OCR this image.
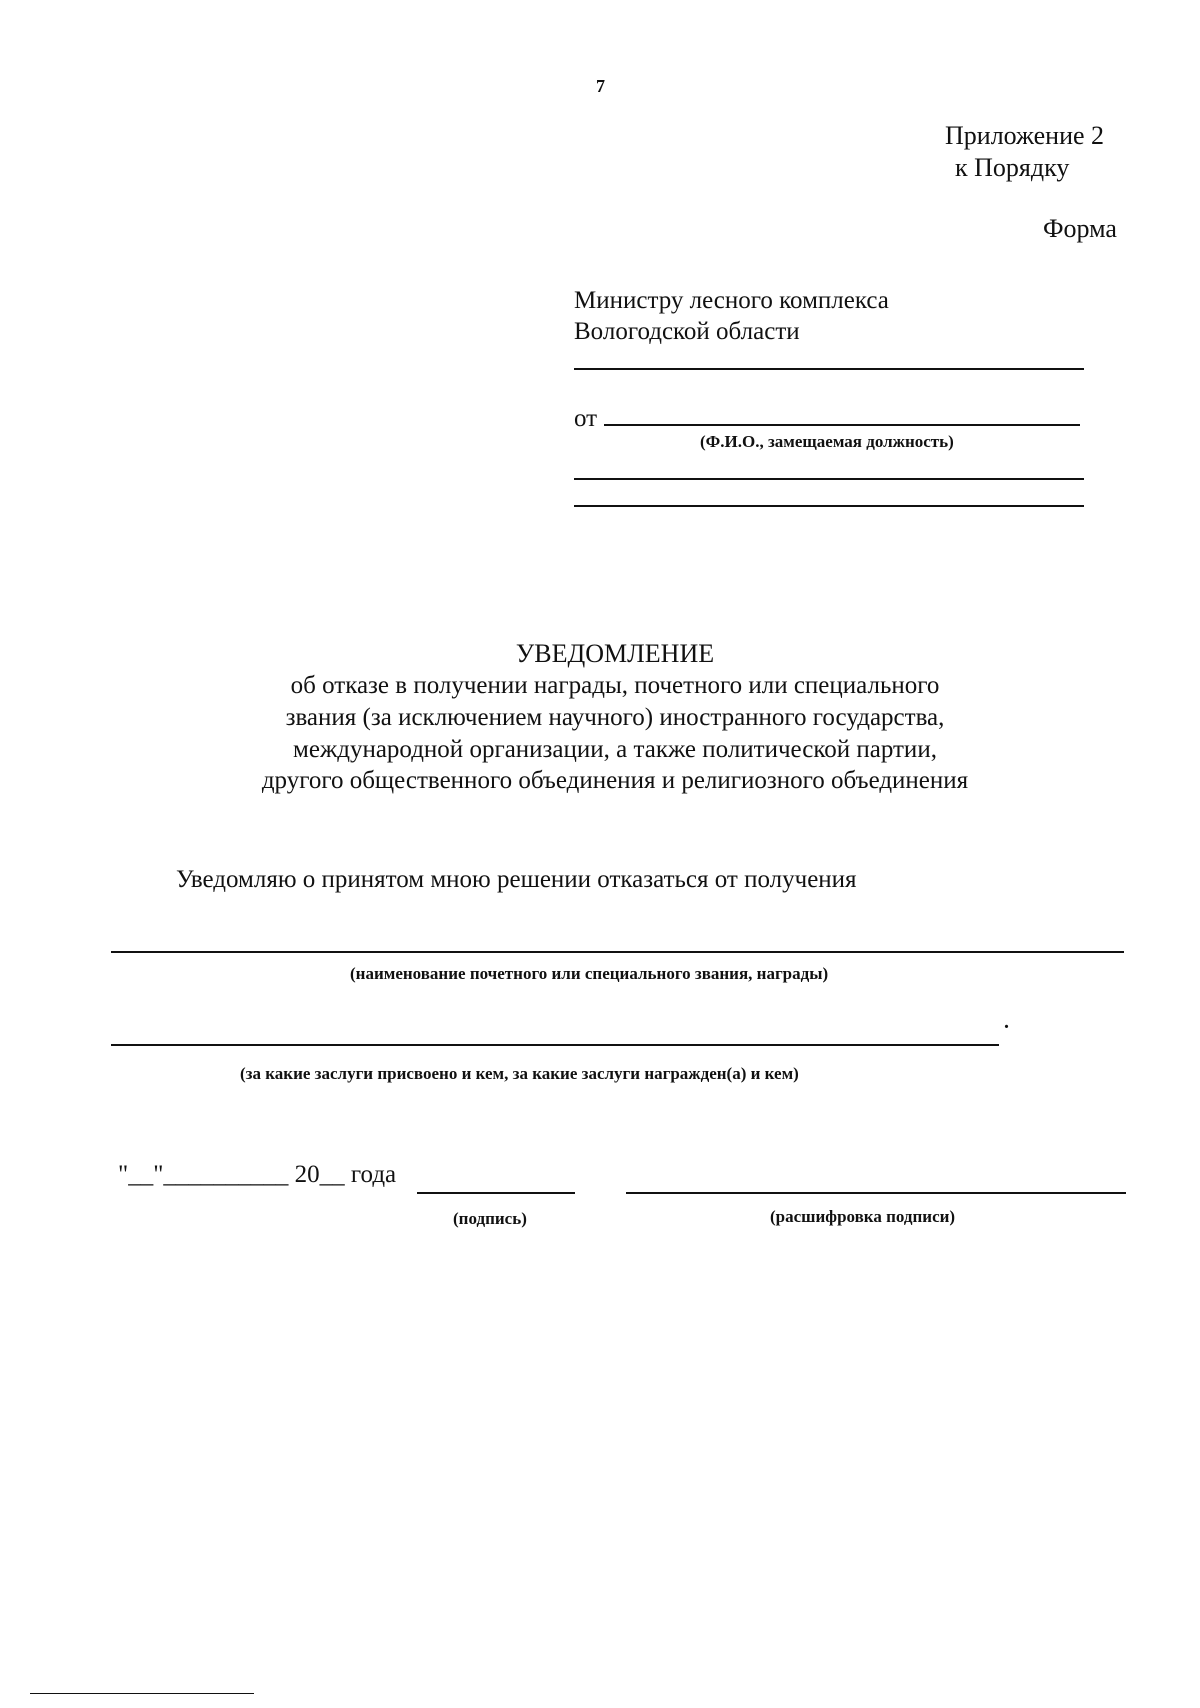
7
Приложение 2
к Порядку
Форма
Министру лесного комплекса
Вологодской области
от
(Ф.И.О., замещаемая должность)
УВЕДОМЛЕНИЕ
об отказе в получении награды, почетного или специального
звания (за исключением научного) иностранного государства,
международной организации, а также политической партии,
другого общественного объединения и религиозного объединения
Уведомляю о принятом мною решении отказаться от получения
(наименование почетного или специального звания, награды)
.
(за какие заслуги присвоено и кем, за какие заслуги награжден(а) и кем)
"__"__________ 20__ года
(подпись)	(расшифровка подписи)
